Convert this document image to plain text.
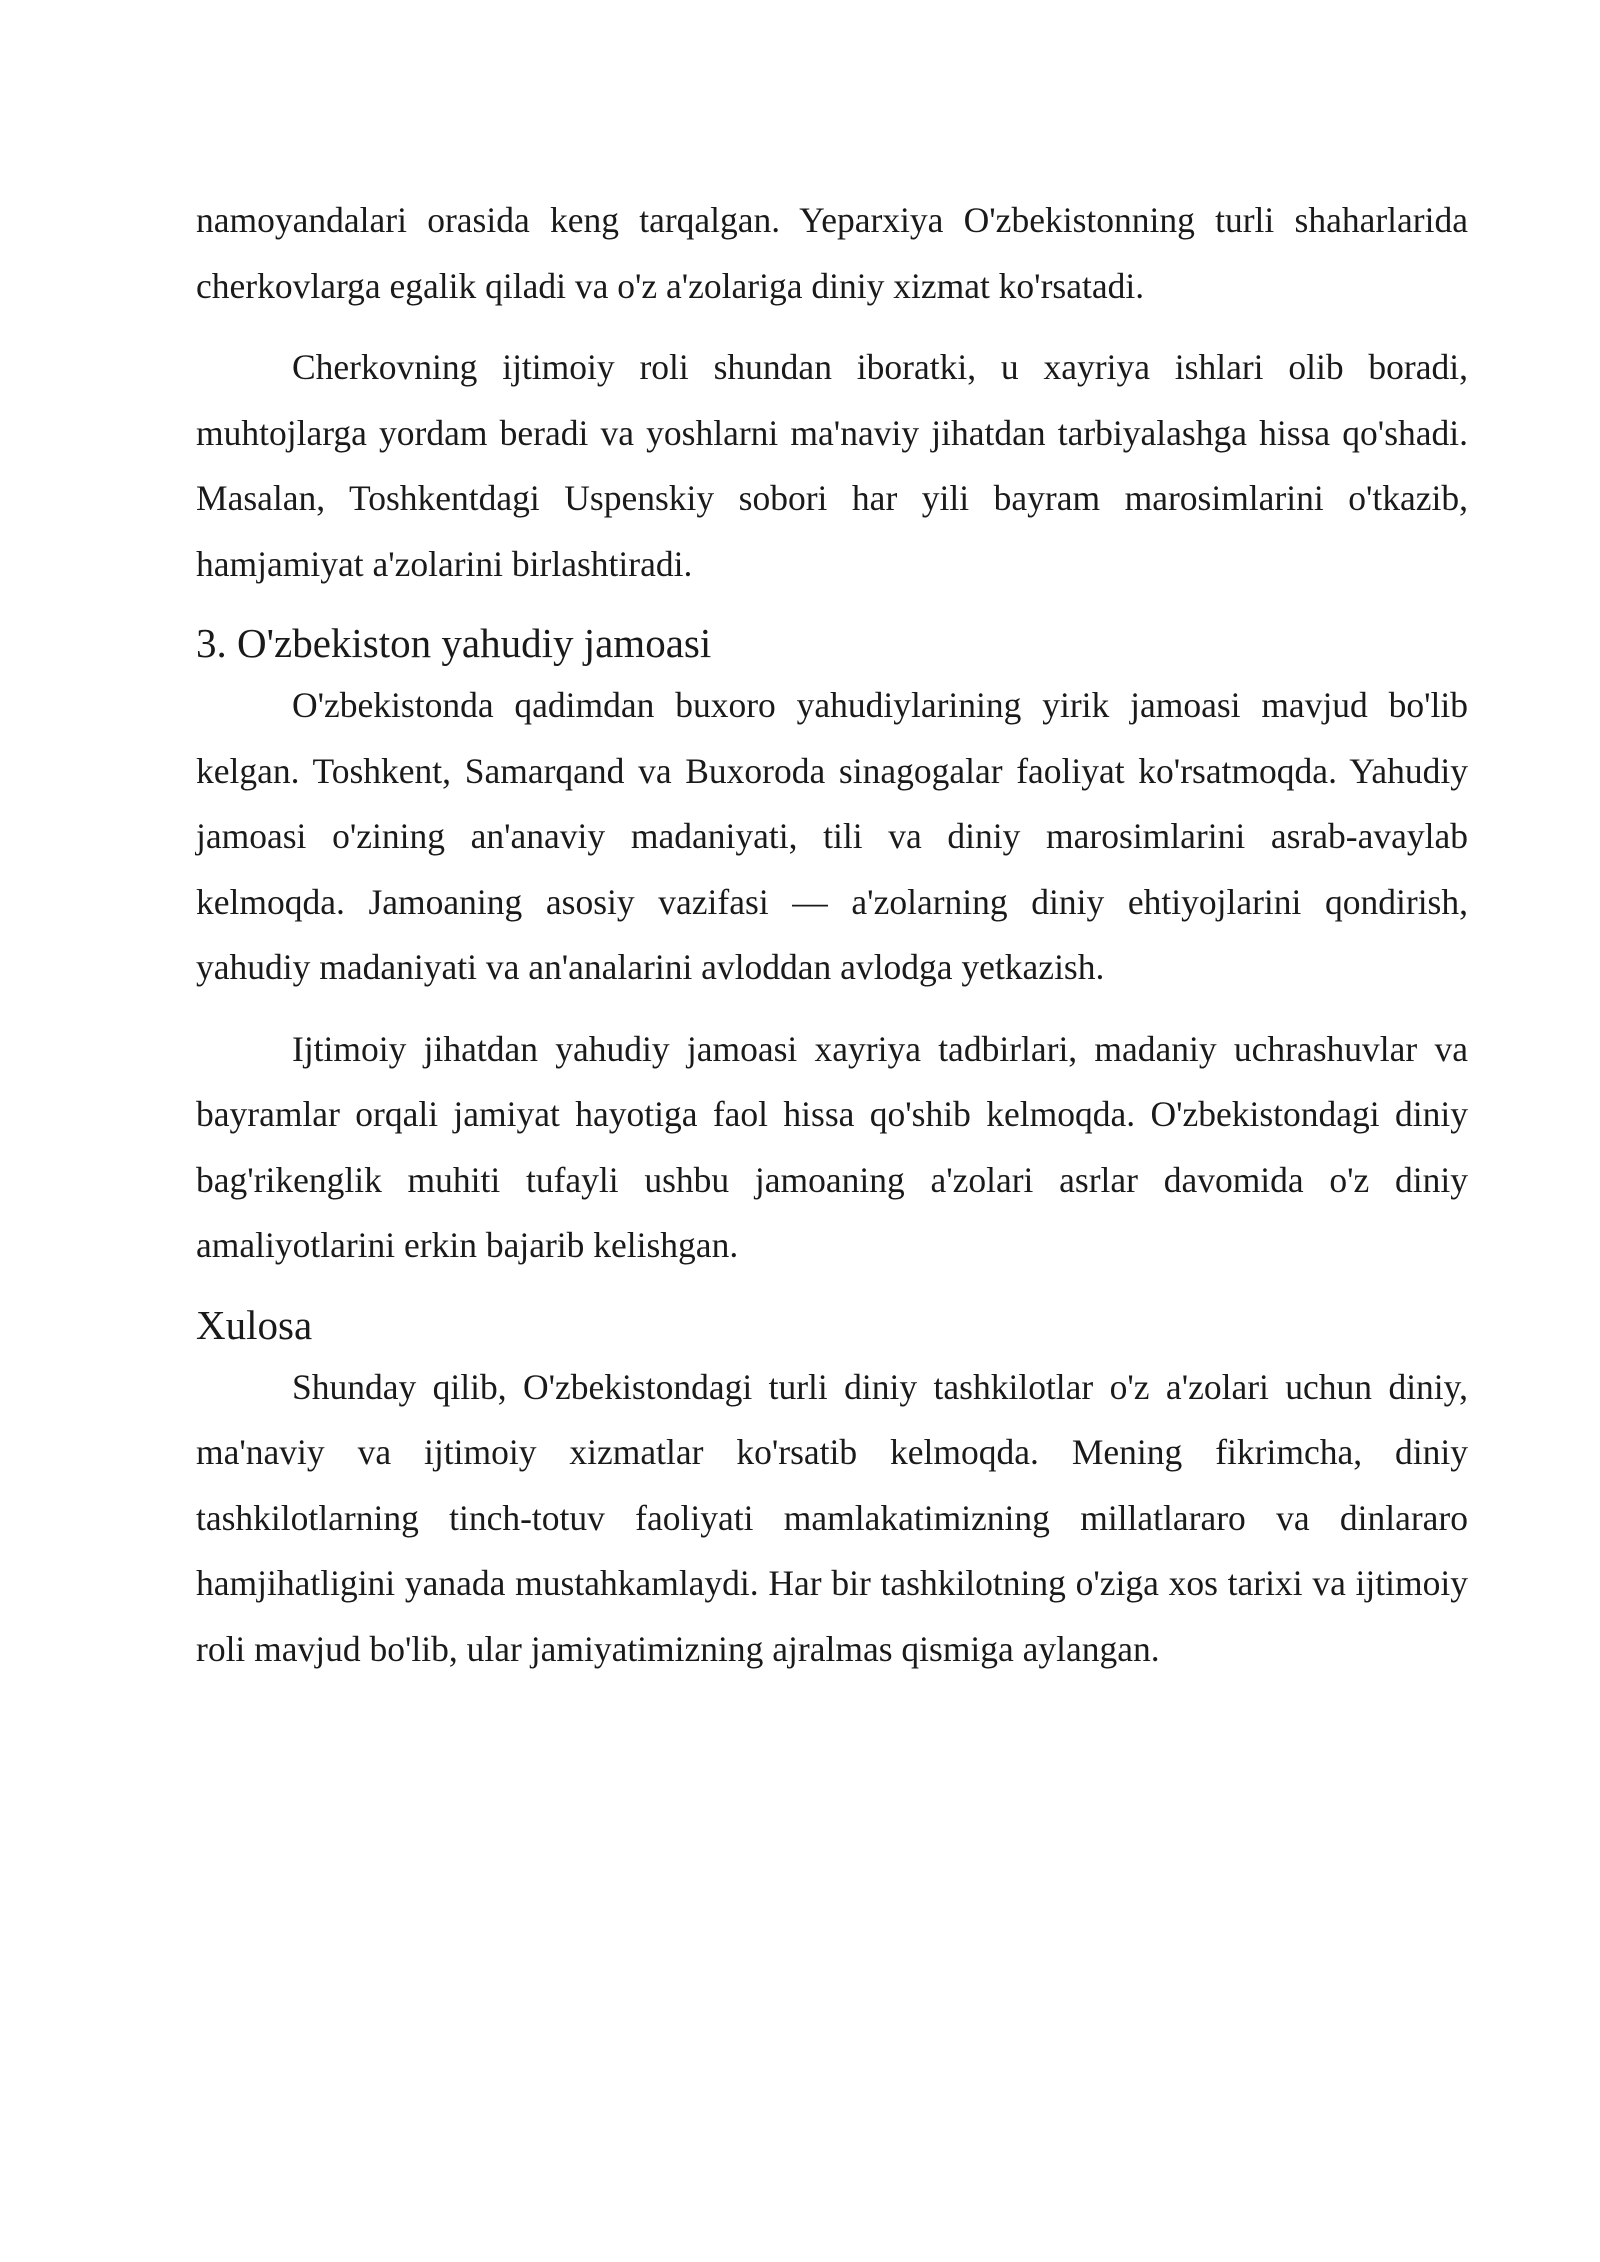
namoyandalari orasida keng tarqalgan. Yeparxiya O'zbekistonning turli shaharlarida cherkovlarga egalik qiladi va o'z a'zolariga diniy xizmat ko'rsatadi.

Cherkovning ijtimoiy roli shundan iboratki, u xayriya ishlari olib boradi, muhtojlarga yordam beradi va yoshlarni ma'naviy jihatdan tarbiyalashga hissa qo'shadi. Masalan, Toshkentdagi Uspenskiy sobori har yili bayram marosimlarini o'tkazib, hamjamiyat a'zolarini birlashtiradi.

3. O'zbekiston yahudiy jamoasi

O'zbekistonda qadimdan buxoro yahudiylarining yirik jamoasi mavjud bo'lib kelgan. Toshkent, Samarqand va Buxoroda sinagogalar faoliyat ko'rsatmoqda. Yahudiy jamoasi o'zining an'anaviy madaniyati, tili va diniy marosimlarini asrab-avaylab kelmoqda. Jamoaning asosiy vazifasi — a'zolarning diniy ehtiyojlarini qondirish, yahudiy madaniyati va an'analarini avloddan avlodga yetkazish.

Ijtimoiy jihatdan yahudiy jamoasi xayriya tadbirlari, madaniy uchrashuvlar va bayramlar orqali jamiyat hayotiga faol hissa qo'shib kelmoqda. O'zbekistondagi diniy bag'rikenglik muhiti tufayli ushbu jamoaning a'zolari asrlar davomida o'z diniy amaliyotlarini erkin bajarib kelishgan.

Xulosa

Shunday qilib, O'zbekistondagi turli diniy tashkilotlar o'z a'zolari uchun diniy, ma'naviy va ijtimoiy xizmatlar ko'rsatib kelmoqda. Mening fikrimcha, diniy tashkilotlarning tinch-totuv faoliyati mamlakatimizning millatlararo va dinlararo hamjihatligini yanada mustahkamlaydi. Har bir tashkilotning o'ziga xos tarixi va ijtimoiy roli mavjud bo'lib, ular jamiyatimizning ajralmas qismiga aylangan.
